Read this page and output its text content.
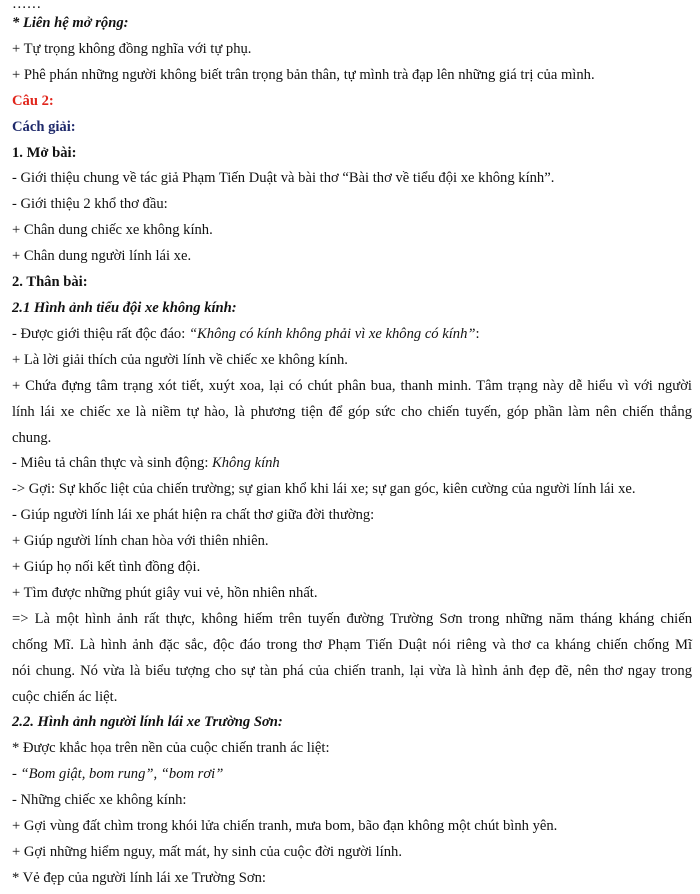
……
* Liên hệ mở rộng:
+ Tự trọng không đồng nghĩa với tự phụ.
+ Phê phán những người không biết trân trọng bản thân, tự mình trà đạp lên những giá trị của mình.
Câu 2:
Cách giải:
1. Mở bài:
- Giới thiệu chung về tác giả Phạm Tiến Duật và bài thơ “Bài thơ về tiểu đội xe không kính”.
- Giới thiệu 2 khổ thơ đầu:
+ Chân dung chiếc xe không kính.
+ Chân dung người lính lái xe.
2. Thân bài:
2.1 Hình ảnh tiểu đội xe không kính:
- Được giới thiệu rất độc đáo: “Không có kính không phải vì xe không có kính”:
+ Là lời giải thích của người lính về chiếc xe không kính.
+ Chứa đựng tâm trạng xót tiết, xuýt xoa, lại có chút phân bua, thanh minh. Tâm trạng này dễ hiểu vì với người
lính lái xe chiếc xe là niềm tự hào, là phương tiện để góp sức cho chiến tuyến, góp phần làm nên chiến thắng
chung.
- Miêu tả chân thực và sinh động: Không kính
-> Gợi: Sự khốc liệt của chiến trường; sự gian khổ khi lái xe; sự gan góc, kiên cường của người lính lái xe.
- Giúp người lính lái xe phát hiện ra chất thơ giữa đời thường:
+ Giúp người lính chan hòa với thiên nhiên.
+ Giúp họ nối kết tình đồng đội.
+ Tìm được những phút giây vui vẻ, hồn nhiên nhất.
=> Là một hình ảnh rất thực, không hiếm trên tuyến đường Trường Sơn trong những năm tháng kháng chiến
chống Mĩ. Là hình ảnh đặc sắc, độc đáo trong thơ Phạm Tiến Duật nói riêng và thơ ca kháng chiến chống Mĩ
nói chung. Nó vừa là biểu tượng cho sự tàn phá của chiến tranh, lại vừa là hình ảnh đẹp đẽ, nên thơ ngay trong
cuộc chiến ác liệt.
2.2. Hình ảnh người lính lái xe Trường Sơn:
* Được khắc họa trên nền của cuộc chiến tranh ác liệt:
- “Bom giật, bom rung”, “bom rơi”
- Những chiếc xe không kính:
+ Gợi vùng đất chìm trong khói lửa chiến tranh, mưa bom, bão đạn không một chút bình yên.
+ Gợi những hiểm nguy, mất mát, hy sinh của cuộc đời người lính.
* Vẻ đẹp của người lính lái xe Trường Sơn:
